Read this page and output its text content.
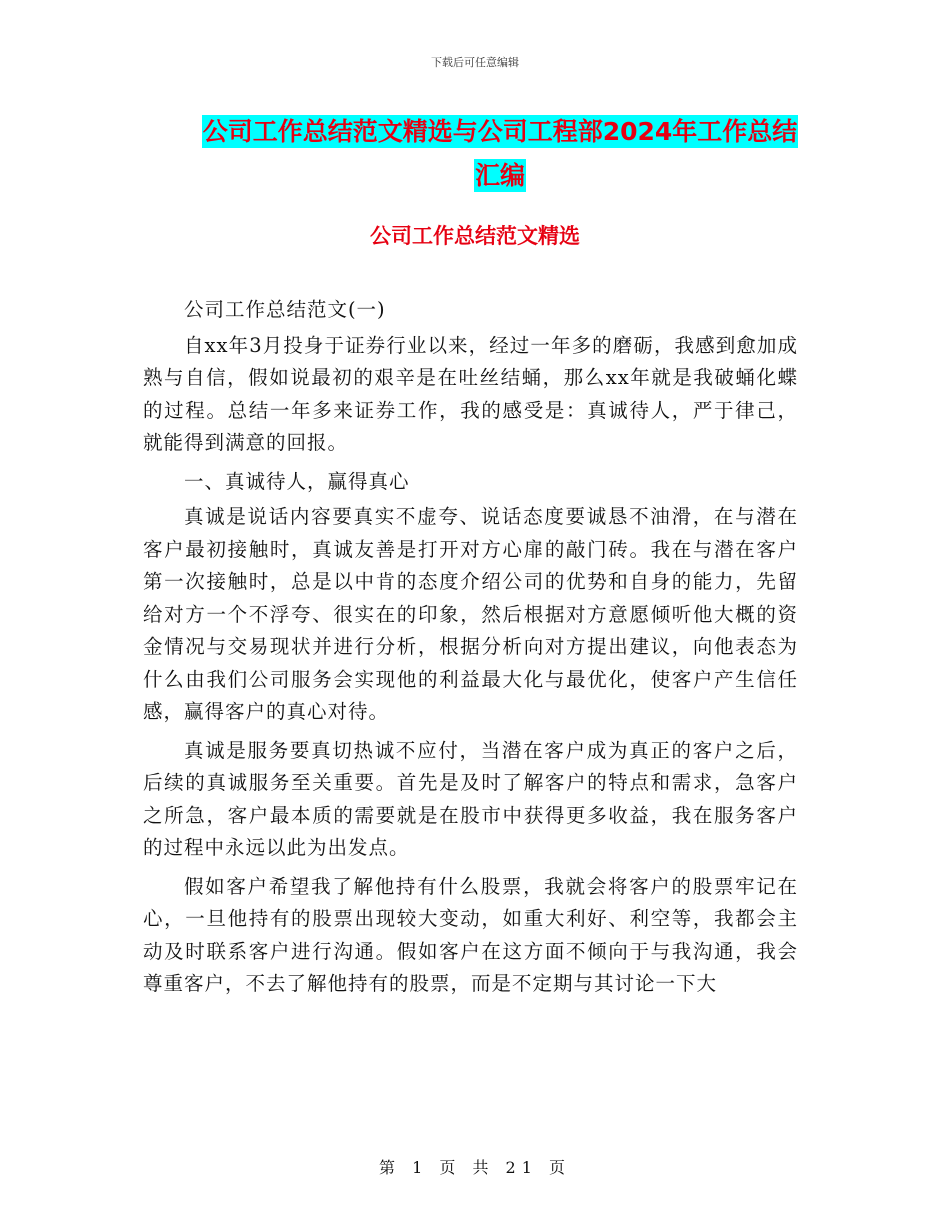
下载后可任意编辑
公司工作总结范文精选与公司工程部2024年工作总结
汇编
公司工作总结范文精选

公司工作总结范文(一)

自xx年3月投身于证券行业以来，经过一年多的磨砺，我感到愈加成熟与自信，假如说最初的艰辛是在吐丝结蛹，那么xx年就是我破蛹化蝶的过程。总结一年多来证券工作，我的感受是：真诚待人，严于律己，就能得到满意的回报。

一、真诚待人，赢得真心

真诚是说话内容要真实不虚夸、说话态度要诚恳不油滑，在与潜在客户最初接触时，真诚友善是打开对方心扉的敲门砖。我在与潜在客户第一次接触时，总是以中肯的态度介绍公司的优势和自身的能力，先留给对方一个不浮夸、很实在的印象，然后根据对方意愿倾听他大概的资金情况与交易现状并进行分析，根据分析向对方提出建议，向他表态为什么由我们公司服务会实现他的利益最大化与最优化，使客户产生信任感，赢得客户的真心对待。

真诚是服务要真切热诚不应付，当潜在客户成为真正的客户之后，后续的真诚服务至关重要。首先是及时了解客户的特点和需求，急客户之所急，客户最本质的需要就是在股市中获得更多收益，我在服务客户的过程中永远以此为出发点。

假如客户希望我了解他持有什么股票，我就会将客户的股票牢记在心，一旦他持有的股票出现较大变动，如重大利好、利空等，我都会主动及时联系客户进行沟通。假如客户在这方面不倾向于与我沟通，我会尊重客户，不去了解他持有的股票，而是不定期与其讨论一下大

第 1 页 共 21 页
